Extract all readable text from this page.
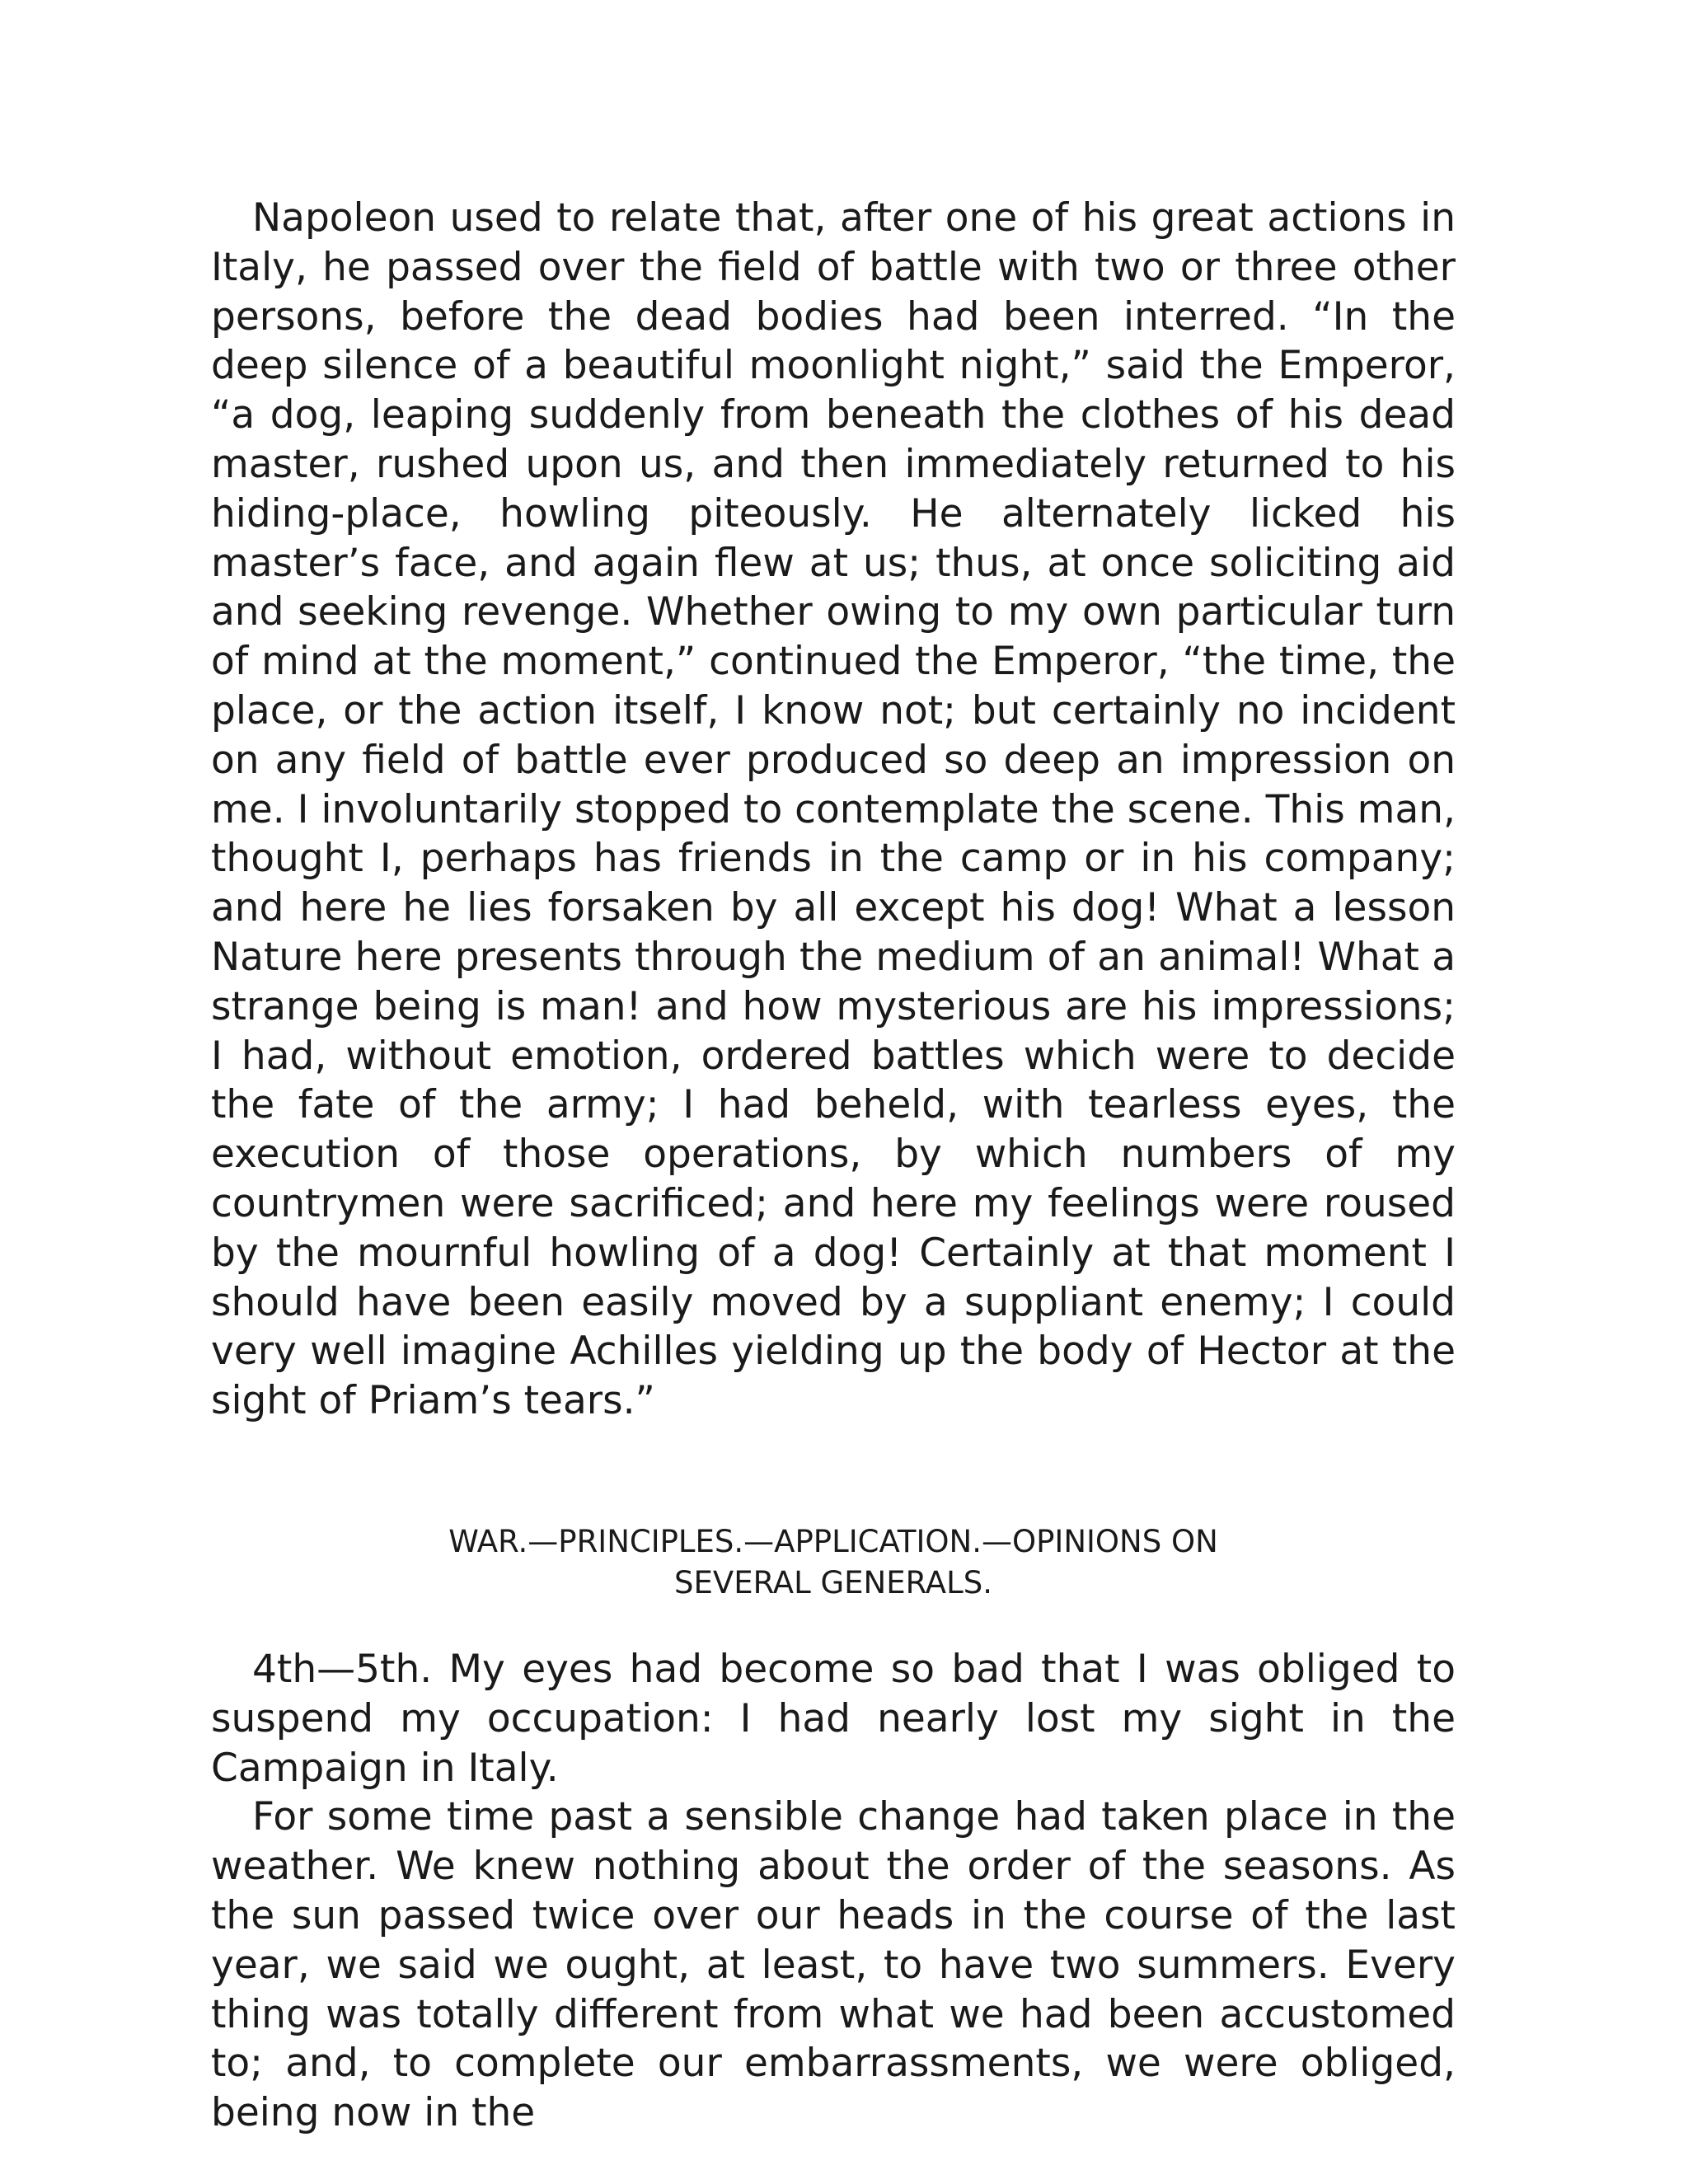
Napoleon used to relate that, after one of his great actions in Italy, he passed over the field of battle with two or three other persons, before the dead bodies had been interred. “In the deep silence of a beautiful moonlight night,” said the Emperor, “a dog, leaping suddenly from beneath the clothes of his dead master, rushed upon us, and then immediately returned to his hiding-place, howling piteously. He alternately licked his master’s face, and again flew at us; thus, at once soliciting aid and seeking revenge. Whether owing to my own particular turn of mind at the moment,” continued the Emperor, “the time, the place, or the action itself, I know not; but certainly no incident on any field of battle ever produced so deep an impression on me. I involuntarily stopped to contemplate the scene. This man, thought I, perhaps has friends in the camp or in his company; and here he lies forsaken by all except his dog! What a lesson Nature here presents through the medium of an animal! What a strange being is man! and how mysterious are his impressions; I had, without emotion, ordered battles which were to decide the fate of the army; I had beheld, with tearless eyes, the execution of those operations, by which numbers of my countrymen were sacrificed; and here my feelings were roused by the mournful howling of a dog! Certainly at that moment I should have been easily moved by a suppliant enemy; I could very well imagine Achilles yielding up the body of Hector at the sight of Priam’s tears.”

WAR.—PRINCIPLES.—APPLICATION.—OPINIONS ON
SEVERAL GENERALS.

4th—5th. My eyes had become so bad that I was obliged to suspend my occupation: I had nearly lost my sight in the Campaign in Italy.

For some time past a sensible change had taken place in the weather. We knew nothing about the order of the seasons. As the sun passed twice over our heads in the course of the last year, we said we ought, at least, to have two summers. Every thing was totally different from what we had been accustomed to; and, to complete our embarrassments, we were obliged, being now in the
